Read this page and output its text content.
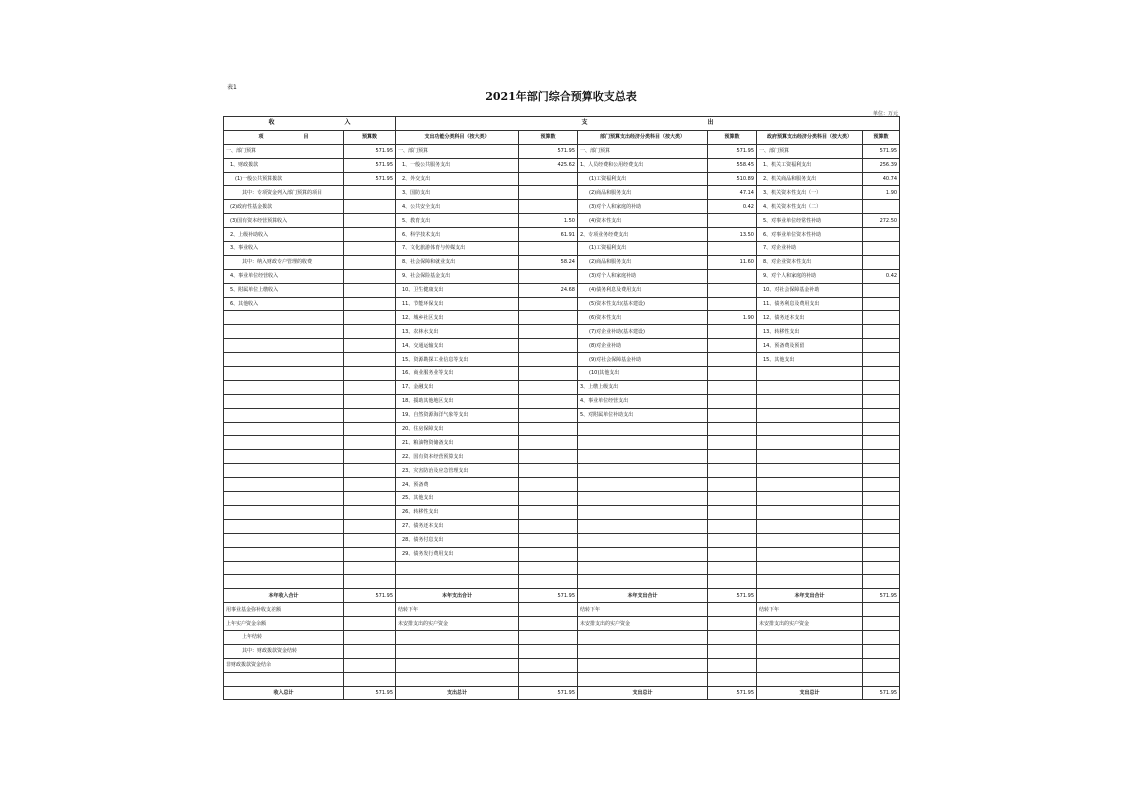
表1
2021年部门综合预算收支总表
单位：万元
收 入		支 出					
项 目	预算数	支出功能分类科目（按大类）	预算数	部门预算支出经济分类科目（按大类）	预算数	政府预算支出经济分类科目（按大类）	预算数
一、部门预算	571.95	一、部门预算	571.95	一、部门预算	571.95	一、部门预算	571.95
1、财政拨款	571.95	1、一般公共服务支出	425.62	1、人员经费和公用经费支出	558.45	1、机关工资福利支出	256.39
(1)一般公共预算拨款	571.95	2、外交支出		(1)工资福利支出	510.89	2、机关商品和服务支出	40.74
其中：专项资金列入部门预算的项目		3、国防支出		(2)商品和服务支出	47.14	3、机关资本性支出（一）	1.90
(2)政府性基金拨款		4、公共安全支出		(3)对个人和家庭的补助	0.42	4、机关资本性支出（二）	
(3)国有资本经营预算收入		5、教育支出	1.50	(4)资本性支出		5、对事业单位经常性补助	272.50
2、上级补助收入		6、科学技术支出	61.91	2、专项业务经费支出	13.50	6、对事业单位资本性补助	
3、事业收入		7、文化旅游体育与传媒支出		(1)工资福利支出		7、对企业补助	
其中：纳入财政专户管理的收费		8、社会保障和就业支出	58.24	(2)商品和服务支出	11.60	8、对企业资本性支出	
4、事业单位经营收入		9、社会保险基金支出		(3)对个人和家庭补助		9、对个人和家庭的补助	0.42
5、附属单位上缴收入		10、卫生健康支出	24.68	(4)债务利息及费用支出		10、对社会保障基金补助	
6、其他收入		11、节能环保支出		(5)资本性支出(基本建设)		11、债务利息及费用支出	
		12、城乡社区支出		(6)资本性支出	1.90	12、债务还本支出	
		13、农林水支出		(7)对企业补助(基本建设)		13、转移性支出	
		14、交通运输支出		(8)对企业补助		14、预备费及预留	
		15、资源勘探工业信息等支出		(9)对社会保障基金补助		15、其他支出	
		16、商业服务业等支出		(10)其他支出			
		17、金融支出		3、上缴上级支出			
		18、援助其他地区支出		4、事业单位经营支出			
		19、自然资源海洋气象等支出		5、对附属单位补助支出			
		20、住房保障支出					
		21、粮油物资储备支出					
		22、国有资本经营预算支出					
		23、灾害防治及应急管理支出					
		24、预备费					
		25、其他支出					
		26、转移性支出					
		27、债务还本支出					
		28、债务付息支出					
		29、债务发行费用支出					

本年收入合计	571.95	本年支出合计	571.95	本年支出合计	571.95	本年支出合计	571.95
用事业基金弥补收支差额		结转下年		结转下年		结转下年	
上年实户资金余额		未安排支出的实户资金		未安排支出的实户资金		未安排支出的实户资金	
上年结转							
其中：财政拨款资金结转							
非财政拨款资金结余							

收入总计	571.95	支出总计	571.95	支出总计	571.95	支出总计	571.95
